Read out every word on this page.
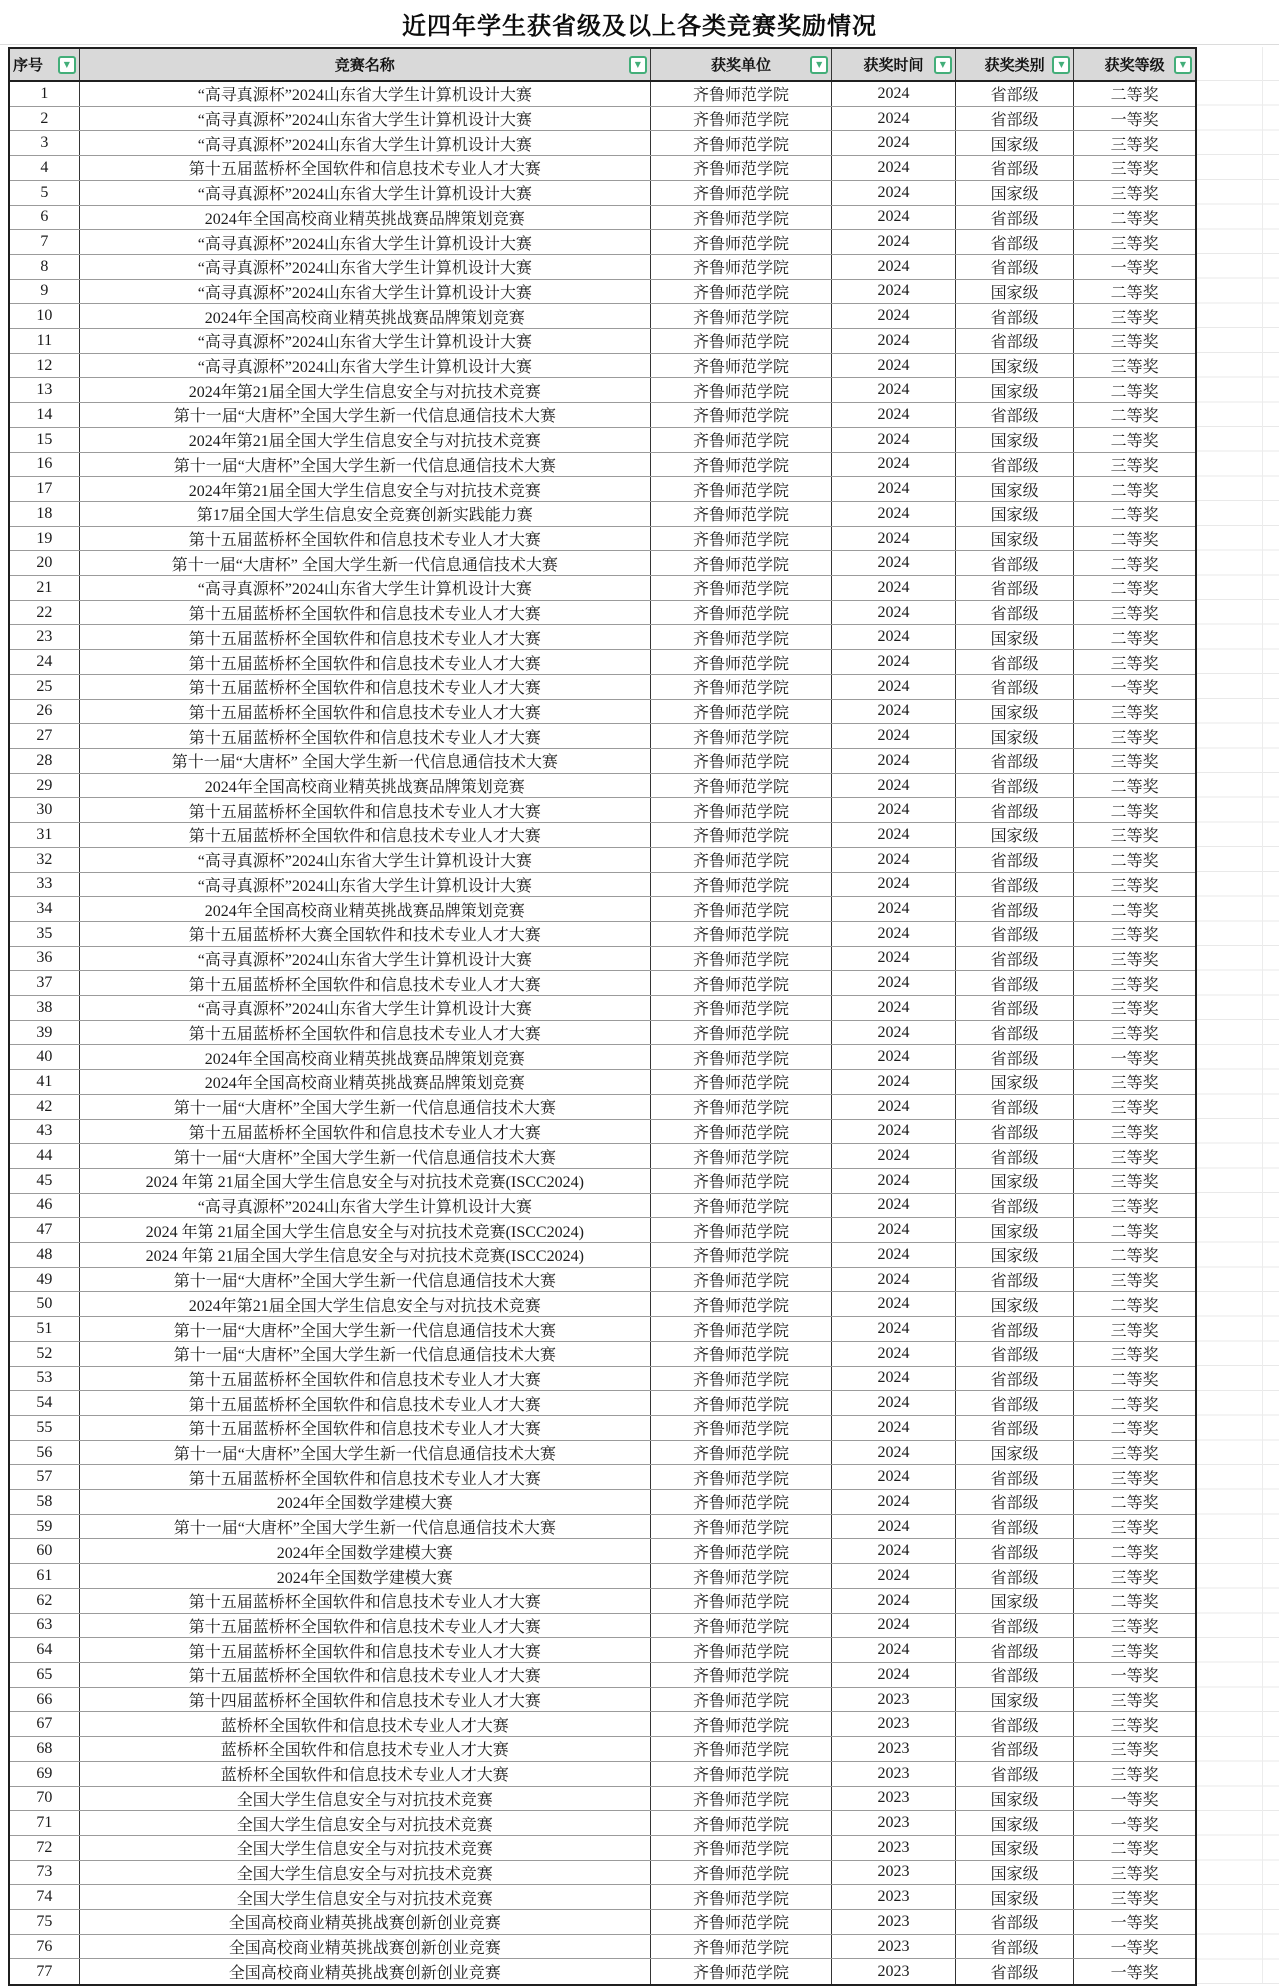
近四年学生获省级及以上各类竞赛奖励情况
序号	▼	竞赛名称	▼	获奖单位	▼	获奖时间 ▼	获奖类别 ▼	获奖等级 ▼
1	“高寻真源杯”2024山东省大学生计算机设计大赛	齐鲁师范学院	2024	省部级	二等奖
2	“高寻真源杯”2024山东省大学生计算机设计大赛	齐鲁师范学院	2024	省部级	一等奖
3	“高寻真源杯”2024山东省大学生计算机设计大赛	齐鲁师范学院	2024	国家级	三等奖
4	第十五届蓝桥杯全国软件和信息技术专业人才大赛	齐鲁师范学院	2024	省部级	三等奖
5	“高寻真源杯”2024山东省大学生计算机设计大赛	齐鲁师范学院	2024	国家级	三等奖
6	2024年全国高校商业精英挑战赛品牌策划竞赛	齐鲁师范学院	2024	省部级	二等奖
7	“高寻真源杯”2024山东省大学生计算机设计大赛	齐鲁师范学院	2024	省部级	三等奖
8	“高寻真源杯”2024山东省大学生计算机设计大赛	齐鲁师范学院	2024	省部级	一等奖
9	“高寻真源杯”2024山东省大学生计算机设计大赛	齐鲁师范学院	2024	国家级	二等奖
10	2024年全国高校商业精英挑战赛品牌策划竞赛	齐鲁师范学院	2024	省部级	三等奖
11	“高寻真源杯”2024山东省大学生计算机设计大赛	齐鲁师范学院	2024	省部级	三等奖
12	“高寻真源杯”2024山东省大学生计算机设计大赛	齐鲁师范学院	2024	国家级	三等奖
13	2024年第21届全国大学生信息安全与对抗技术竞赛	齐鲁师范学院	2024	国家级	二等奖
14	第十一届“大唐杯”全国大学生新一代信息通信技术大赛	齐鲁师范学院	2024	省部级	二等奖
15	2024年第21届全国大学生信息安全与对抗技术竞赛	齐鲁师范学院	2024	国家级	二等奖
16	第十一届“大唐杯”全国大学生新一代信息通信技术大赛	齐鲁师范学院	2024	省部级	三等奖
17	2024年第21届全国大学生信息安全与对抗技术竞赛	齐鲁师范学院	2024	国家级	二等奖
18	第17届全国大学生信息安全竞赛创新实践能力赛	齐鲁师范学院	2024	国家级	二等奖
19	第十五届蓝桥杯全国软件和信息技术专业人才大赛	齐鲁师范学院	2024	国家级	二等奖
20	第十一届“大唐杯” 全国大学生新一代信息通信技术大赛	齐鲁师范学院	2024	省部级	二等奖
21	“高寻真源杯”2024山东省大学生计算机设计大赛	齐鲁师范学院	2024	省部级	二等奖
22	第十五届蓝桥杯全国软件和信息技术专业人才大赛	齐鲁师范学院	2024	省部级	三等奖
23	第十五届蓝桥杯全国软件和信息技术专业人才大赛	齐鲁师范学院	2024	国家级	二等奖
24	第十五届蓝桥杯全国软件和信息技术专业人才大赛	齐鲁师范学院	2024	省部级	三等奖
25	第十五届蓝桥杯全国软件和信息技术专业人才大赛	齐鲁师范学院	2024	省部级	一等奖
26	第十五届蓝桥杯全国软件和信息技术专业人才大赛	齐鲁师范学院	2024	国家级	三等奖
27	第十五届蓝桥杯全国软件和信息技术专业人才大赛	齐鲁师范学院	2024	国家级	三等奖
28	第十一届“大唐杯” 全国大学生新一代信息通信技术大赛	齐鲁师范学院	2024	省部级	三等奖
29	2024年全国高校商业精英挑战赛品牌策划竞赛	齐鲁师范学院	2024	省部级	二等奖
30	第十五届蓝桥杯全国软件和信息技术专业人才大赛	齐鲁师范学院	2024	省部级	二等奖
31	第十五届蓝桥杯全国软件和信息技术专业人才大赛	齐鲁师范学院	2024	国家级	三等奖
32	“高寻真源杯”2024山东省大学生计算机设计大赛	齐鲁师范学院	2024	省部级	二等奖
33	“高寻真源杯”2024山东省大学生计算机设计大赛	齐鲁师范学院	2024	省部级	三等奖
34	2024年全国高校商业精英挑战赛品牌策划竞赛	齐鲁师范学院	2024	省部级	二等奖
35	第十五届蓝桥杯大赛全国软件和技术专业人才大赛	齐鲁师范学院	2024	省部级	三等奖
36	“高寻真源杯”2024山东省大学生计算机设计大赛	齐鲁师范学院	2024	省部级	三等奖
37	第十五届蓝桥杯全国软件和信息技术专业人才大赛	齐鲁师范学院	2024	省部级	三等奖
38	“高寻真源杯”2024山东省大学生计算机设计大赛	齐鲁师范学院	2024	省部级	三等奖
39	第十五届蓝桥杯全国软件和信息技术专业人才大赛	齐鲁师范学院	2024	省部级	三等奖
40	2024年全国高校商业精英挑战赛品牌策划竞赛	齐鲁师范学院	2024	省部级	一等奖
41	2024年全国高校商业精英挑战赛品牌策划竞赛	齐鲁师范学院	2024	国家级	三等奖
42	第十一届“大唐杯”全国大学生新一代信息通信技术大赛	齐鲁师范学院	2024	省部级	三等奖
43	第十五届蓝桥杯全国软件和信息技术专业人才大赛	齐鲁师范学院	2024	省部级	三等奖
44	第十一届“大唐杯”全国大学生新一代信息通信技术大赛	齐鲁师范学院	2024	省部级	三等奖
45	2024 年第 21届全国大学生信息安全与对抗技术竞赛(ISCC2024)	齐鲁师范学院	2024	国家级	三等奖
46	“高寻真源杯”2024山东省大学生计算机设计大赛	齐鲁师范学院	2024	省部级	三等奖
47	2024 年第 21届全国大学生信息安全与对抗技术竞赛(ISCC2024)	齐鲁师范学院	2024	国家级	二等奖
48	2024 年第 21届全国大学生信息安全与对抗技术竞赛(ISCC2024)	齐鲁师范学院	2024	国家级	二等奖
49	第十一届“大唐杯”全国大学生新一代信息通信技术大赛	齐鲁师范学院	2024	省部级	三等奖
50	2024年第21届全国大学生信息安全与对抗技术竞赛	齐鲁师范学院	2024	国家级	二等奖
51	第十一届“大唐杯”全国大学生新一代信息通信技术大赛	齐鲁师范学院	2024	省部级	三等奖
52	第十一届“大唐杯”全国大学生新一代信息通信技术大赛	齐鲁师范学院	2024	省部级	三等奖
53	第十五届蓝桥杯全国软件和信息技术专业人才大赛	齐鲁师范学院	2024	省部级	二等奖
54	第十五届蓝桥杯全国软件和信息技术专业人才大赛	齐鲁师范学院	2024	省部级	二等奖
55	第十五届蓝桥杯全国软件和信息技术专业人才大赛	齐鲁师范学院	2024	省部级	二等奖
56	第十一届“大唐杯”全国大学生新一代信息通信技术大赛	齐鲁师范学院	2024	国家级	三等奖
57	第十五届蓝桥杯全国软件和信息技术专业人才大赛	齐鲁师范学院	2024	省部级	三等奖
58	2024年全国数学建模大赛	齐鲁师范学院	2024	省部级	二等奖
59	第十一届“大唐杯”全国大学生新一代信息通信技术大赛	齐鲁师范学院	2024	省部级	三等奖
60	2024年全国数学建模大赛	齐鲁师范学院	2024	省部级	二等奖
61	2024年全国数学建模大赛	齐鲁师范学院	2024	省部级	三等奖
62	第十五届蓝桥杯全国软件和信息技术专业人才大赛	齐鲁师范学院	2024	国家级	二等奖
63	第十五届蓝桥杯全国软件和信息技术专业人才大赛	齐鲁师范学院	2024	省部级	三等奖
64	第十五届蓝桥杯全国软件和信息技术专业人才大赛	齐鲁师范学院	2024	省部级	三等奖
65	第十五届蓝桥杯全国软件和信息技术专业人才大赛	齐鲁师范学院	2024	省部级	一等奖
66	第十四届蓝桥杯全国软件和信息技术专业人才大赛	齐鲁师范学院	2023	国家级	三等奖
67	蓝桥杯全国软件和信息技术专业人才大赛	齐鲁师范学院	2023	省部级	三等奖
68	蓝桥杯全国软件和信息技术专业人才大赛	齐鲁师范学院	2023	省部级	三等奖
69	蓝桥杯全国软件和信息技术专业人才大赛	齐鲁师范学院	2023	省部级	三等奖
70	全国大学生信息安全与对抗技术竞赛	齐鲁师范学院	2023	国家级	一等奖
71	全国大学生信息安全与对抗技术竞赛	齐鲁师范学院	2023	国家级	一等奖
72	全国大学生信息安全与对抗技术竞赛	齐鲁师范学院	2023	国家级	二等奖
73	全国大学生信息安全与对抗技术竞赛	齐鲁师范学院	2023	国家级	三等奖
74	全国大学生信息安全与对抗技术竞赛	齐鲁师范学院	2023	国家级	三等奖
75	全国高校商业精英挑战赛创新创业竞赛	齐鲁师范学院	2023	省部级	一等奖
76	全国高校商业精英挑战赛创新创业竞赛	齐鲁师范学院	2023	省部级	一等奖
77	全国高校商业精英挑战赛创新创业竞赛	齐鲁师范学院	2023	省部级	一等奖
